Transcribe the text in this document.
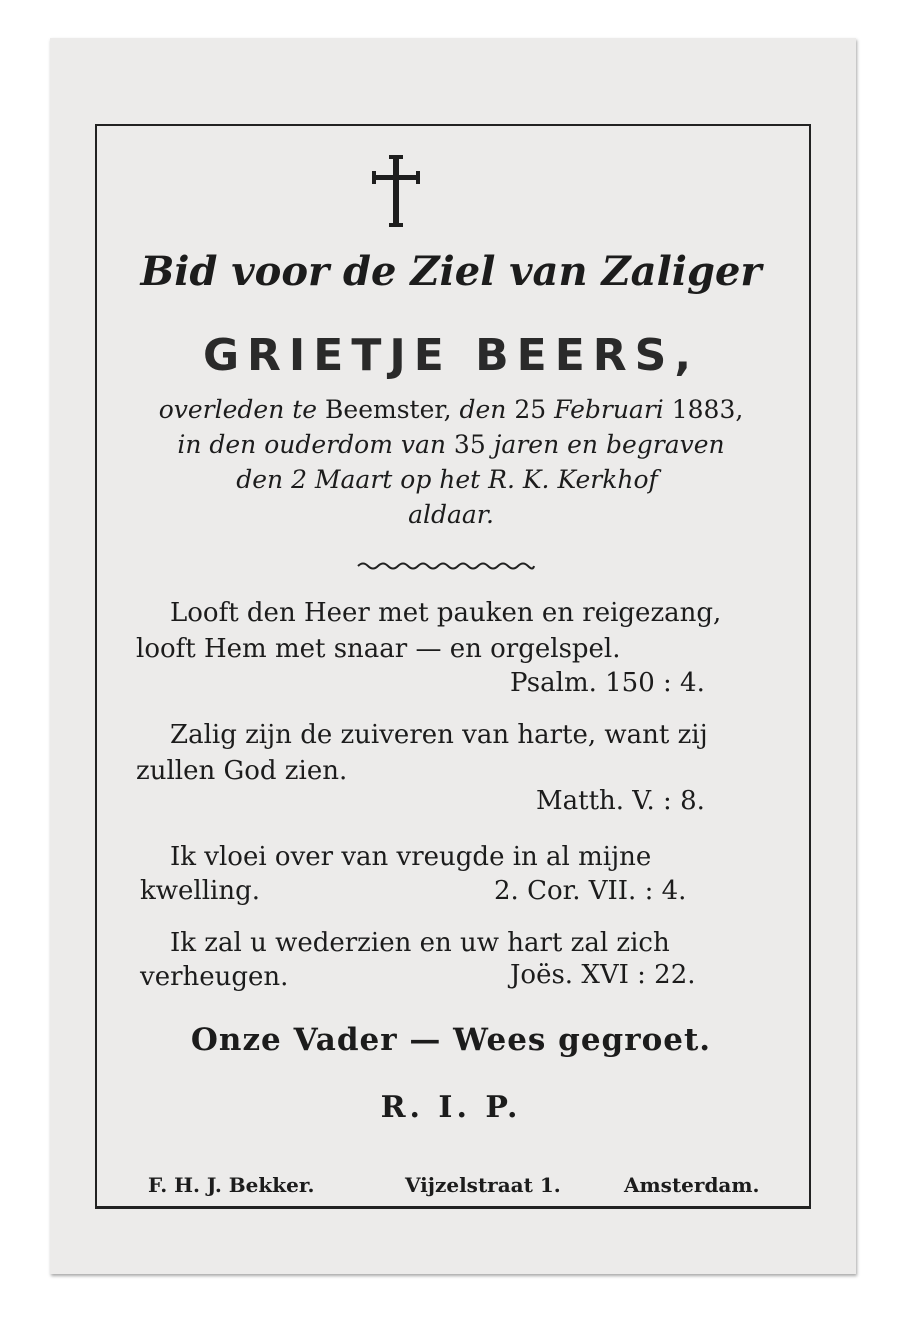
Bid voor de Ziel van Zaliger
GRIETJE BEERS,
overleden te Beemster, den 25 Februari 1883,
in den ouderdom van 35 jaren en begraven
den 2 Maart op het R. K. Kerkhof
aldaar.
Looft den Heer met pauken en reigezang,
looft Hem met snaar — en orgelspel.
Psalm. 150 : 4.
Zalig zijn de zuiveren van harte, want zij
zullen God zien.
Matth. V. : 8.
Ik vloei over van vreugde in al mijne
kwelling.	2. Cor. VII. : 4.
Ik zal u wederzien en uw hart zal zich
verheugen.	Joës. XVI : 22.
Onze Vader — Wees gegroet.
R. I. P.
F. H. J. Bekker.	Vijzelstraat 1.	Amsterdam.
